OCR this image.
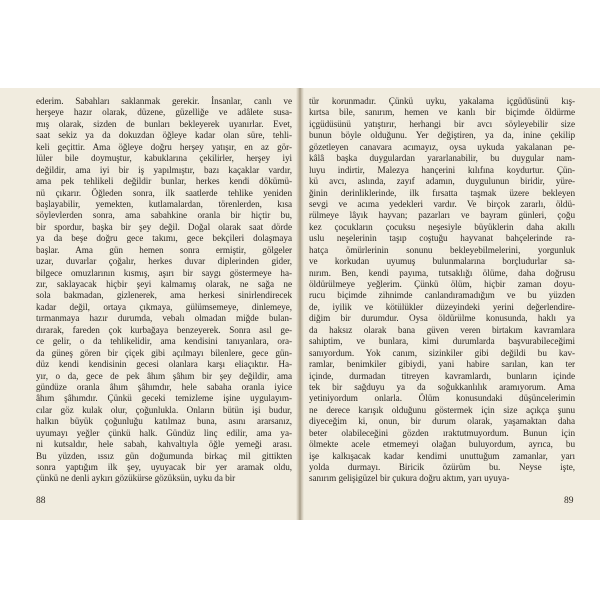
ederim. Sabahları saklanmak gerekir. İnsanlar, canlı ve
herşeye hazır olarak, düzene, güzelliğe ve adâlete susa-
mış olarak, sizden de bunları bekleyerek uyanırlar. Evet,
saat sekiz ya da dokuzdan öğleye kadar olan süre, tehli-
keli geçittir. Ama öğleye doğru herşey yatışır, en az gör-
lüler bile doymuştur, kabuklarına çekilirler, herşey iyi
değildir, ama iyi bir iş yapılmıştır, bazı kaçaklar vardır,
ama pek tehlikeli değildir bunlar, herkes kendi dökümü-
nü çıkarır. Öğleden sonra, ilk saatlerde tehlike yeniden
başlayabilir, yemekten, kutlamalardan, törenlerden, kısa
söylevlerden sonra, ama sabahkine oranla bir hiçtir bu,
bir spordur, başka bir şey değil. Doğal olarak saat dörde
ya da beşe doğru gece takımı, gece bekçileri dolaşmaya
başlar. Ama gün hemen sonra ermiştir, gölgeler
uzar, duvarlar çoğalır, herkes duvar diplerinden gider,
bilgece omuzlarının kısmış, aşırı bir saygı göstermeye ha-
zır, saklayacak hiçbir şeyi kalmamış olarak, ne sağa ne
sola bakmadan, gizlenerek, ama herkesi sinirlendirecek
kadar değil, ortaya çıkmaya, gülümsemeye, dinlemeye,
tırmanmaya hazır durumda, vebalı olmadan miğde bulan-
dırarak, fareden çok kurbağaya benzeyerek. Sonra asıl ge-
ce gelir, o da tehlikelidir, ama kendisini tanıyanlara, ora-
da güneş gören bir çiçek gibi açılmayı bilenlere, gece gün-
düz kendi kendisinin gecesi olanlara karşı eliaçıktır. Ha-
yır, o da, gece de pek âhım şâhım bir şey değildir, ama
gündüze oranla âhım şâhımdır, hele sabaha oranla iyice
âhım şâhımdır. Çünkü geceki temizleme işine uygulayım-
cılar göz kulak olur, çoğunlukla. Onların bütün işi budur,
halkın büyük çoğunluğu katılmaz buna, asını ararsanız,
uyumayı yeğler çünkü halk. Gündüz linç edilir, ama ya-
ni kutsaldır, hele sabah, kahvaltıyla öğle yemeği arası.
Bu yüzden, ıssız gün doğumunda birkaç mil gittikten
sonra yaptığım ilk şey, uyuyacak bir yer aramak oldu,
çünkü ne denli aykırı gözükürse gözüksün, uyku da bir
88
tür korunmadır. Çünkü uyku, yakalama içgüdüsünü kış-
kırtsa bile, sanırım, hemen ve kanlı bir biçimde öldürme
içgüdüsünü yatıştırır, herhangi bir avcı söyleyebilir size
bunun böyle olduğunu. Yer değiştiren, ya da, inine çekilip
gözetleyen canavara acımayız, oysa uykuda yakalanan pe-
kâlâ başka duygulardan yararlanabilir, bu duygular nam-
luyu indirtir, Malezya hançerini kılıfına koydurtur. Çün-
kü avcı, aslında, zayıf adamın, duygulunun biridir, yüre-
ğinin derinliklerinde, ilk fırsatta taşmak üzere bekleyen
sevgi ve acıma yedekleri vardır. Ve birçok zararlı, öldü-
rülmeye lâyık hayvan; pazarları ve bayram günleri, çoğu
kez çocukların çocuksu neşesiyle büyüklerin daha akıllı
uslu neşelerinin taşıp coştuğu hayvanat bahçelerinde ra-
hatça ömürlerinin sonunu bekleyebilmelerini, yorgunluk
ve korkudan uyumuş bulunmalarına borçludurlar sa-
nırım. Ben, kendi payıma, tutsaklığı ölüme, daha doğrusu
öldürülmeye yeğlerim. Çünkü ölüm, hiçbir zaman doyu-
rucu biçimde zihnimde canlandıramadığım ve bu yüzden
de, iyilik ve kötülükler düzeyindeki yerini değerlendire-
diğim bir durumdur. Oysa öldürülme konusunda, haklı ya
da haksız olarak bana güven veren birtakım kavramlara
sahiptim, ve bunlara, kimi durumlarda başvurabileceğimi
sanıyordum. Yok canım, sizinkiler gibi değildi bu kav-
ramlar, benimkiler gibiydi, yani habire sarılan, kan ter
içinde, durmadan titreyen kavramlardı, bunların içinde
tek bir sağduyu ya da soğukkanlılık aramıyorum. Ama
yetiniyordum onlarla. Ölüm konusundaki düşüncelerimin
ne derece karışık olduğunu göstermek için size açıkça şunu
diyeceğim ki, onun, bir durum olarak, yaşamaktan daha
beter olabileceğini gözden ıraktutmuyordum. Bunun için
ölmekte acele etmemeyi olağan buluyordum, ayrıca, bu
işe kalkışacak kadar kendimi unuttuğum zamanlar, yarı
yolda durmayı. Biricik özürüm bu. Neyse işte,
sanırım gelişigüzel bir çukura doğru aktım, yarı uyuya-
89
